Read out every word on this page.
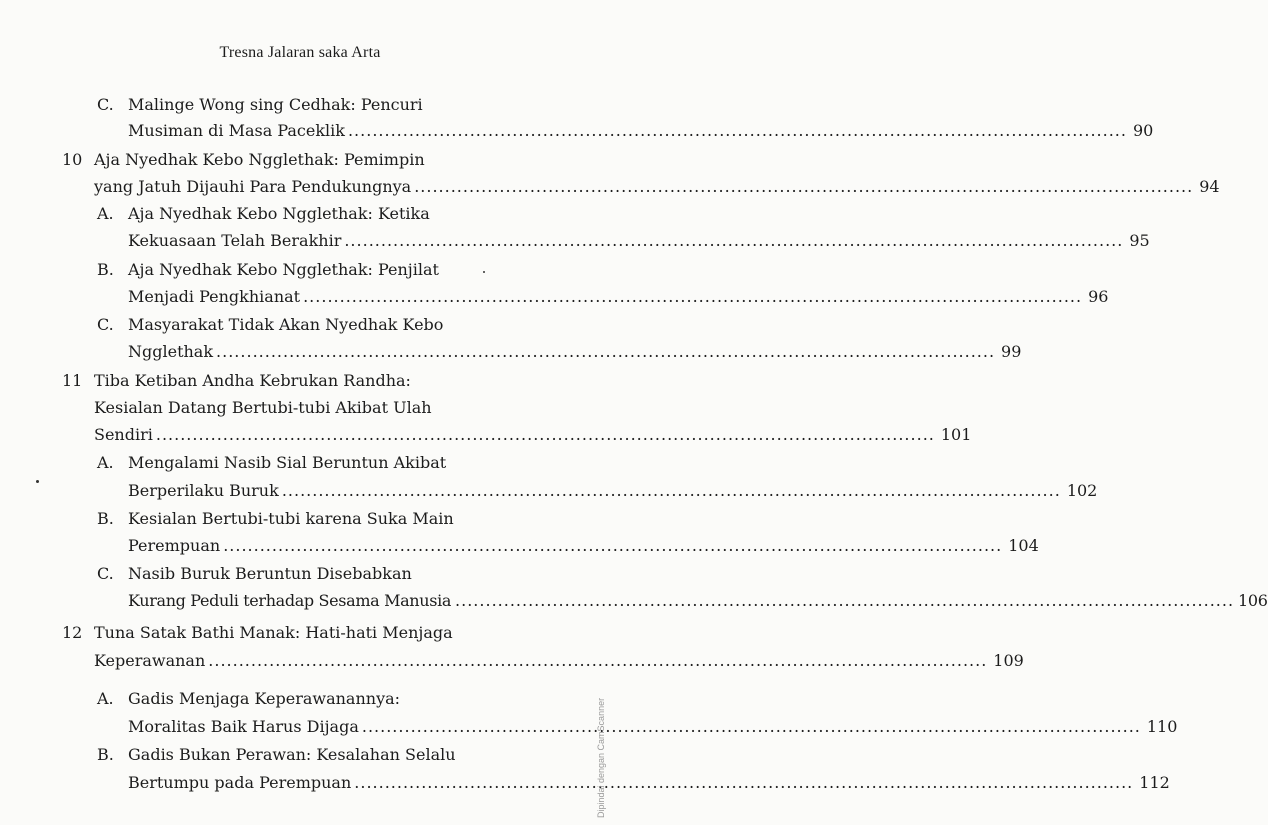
Tresna Jalaran saka Arta
C. Malinge Wong sing Cedhak: Pencuri
Musiman di Masa Paceklik .....	90
10 Aja Nyedhak Kebo Ngglethak: Pemimpin
yang Jatuh Dijauhi Para Pendukungnya .....	94
A. Aja Nyedhak Kebo Ngglethak: Ketika
Kekuasaan Telah Berakhir .....	95
B. Aja Nyedhak Kebo Ngglethak: Penjilat
Menjadi Pengkhianat .....	96
C. Masyarakat Tidak Akan Nyedhak Kebo
Ngglethak .....	99
11 Tiba Ketiban Andha Kebrukan Randha:
Kesialan Datang Bertubi-tubi Akibat Ulah
Sendiri .....	101
A. Mengalami Nasib Sial Beruntun Akibat
Berperilaku Buruk .....	102
B. Kesialan Bertubi-tubi karena Suka Main
Perempuan .....	104
C. Nasib Buruk Beruntun Disebabkan
Kurang Peduli terhadap Sesama Manusia .....	106
12 Tuna Satak Bathi Manak: Hati-hati Menjaga
Keperawanan .....	109
A. Gadis Menjaga Keperawanannya:
Moralitas Baik Harus Dijaga .....	110
B. Gadis Bukan Perawan: Kesalahan Selalu
Bertumpu pada Perempuan .....	112
Dipindai dengan CamScanner
